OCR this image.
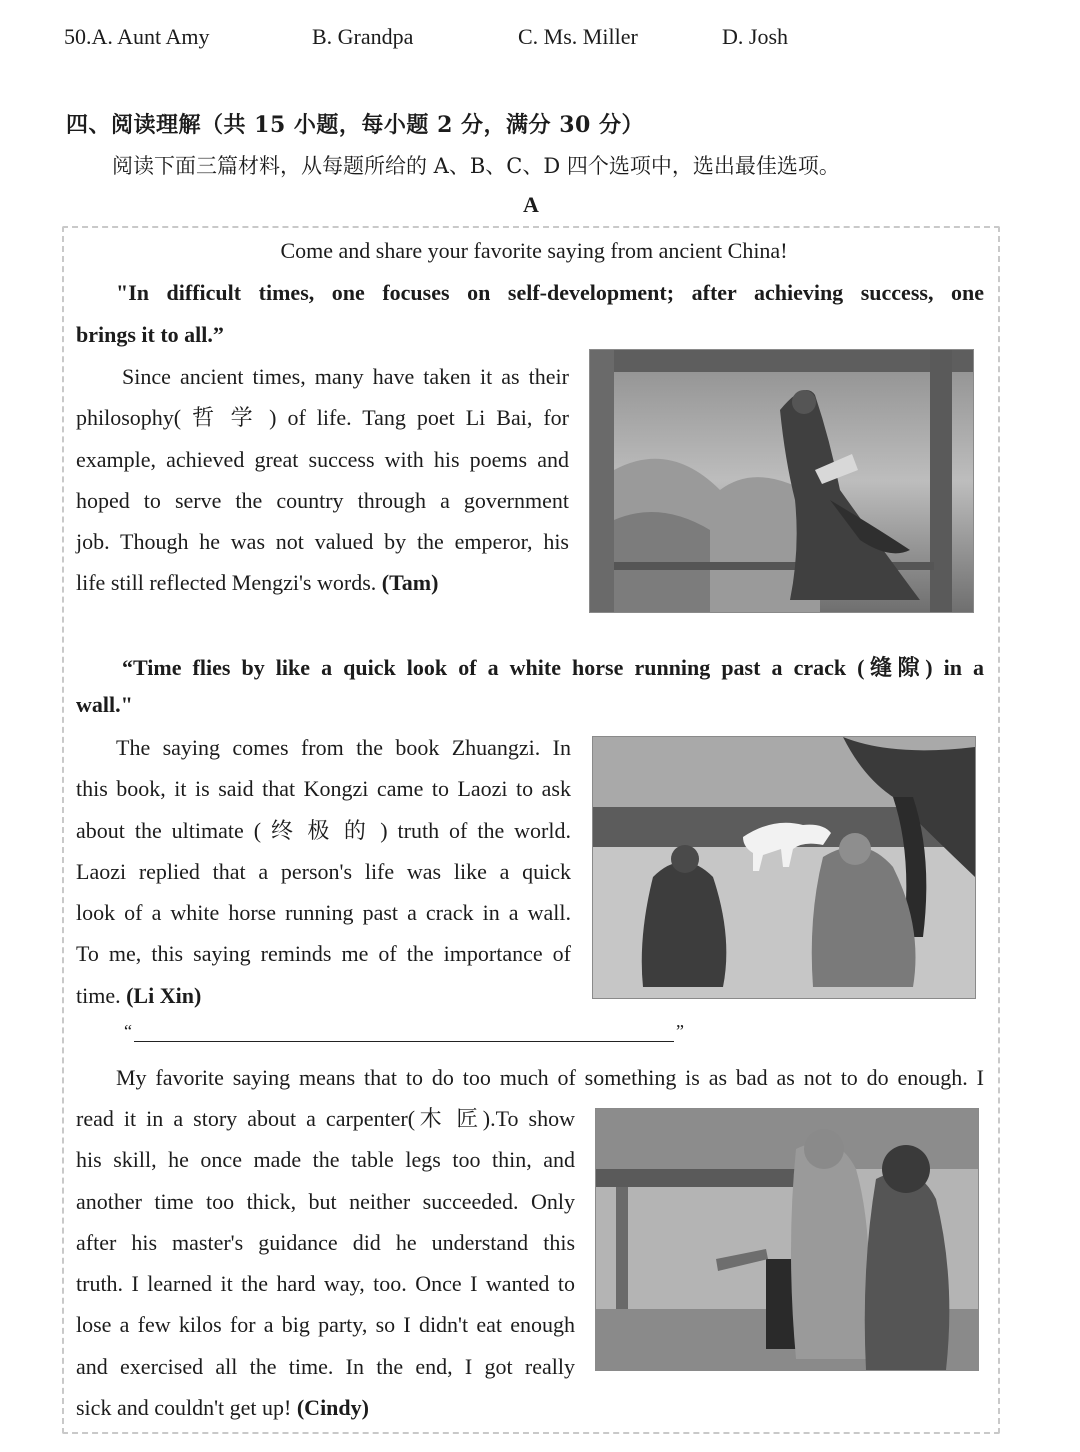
50.A. Aunt Amy	B. Grandpa	C. Ms. Miller	D. Josh
四、阅读理解（共 15 小题，每小题 2 分，满分 30 分）
阅读下面三篇材料，从每题所给的 A、B、C、D 四个选项中，选出最佳选项。
A
Come and share your favorite saying from ancient China!
"In difficult times, one focuses on self-development; after achieving success, one
brings it to all.”
Since ancient times, many have taken it as their
philosophy( 哲 学 ) of life. Tang poet Li Bai, for
example, achieved great success with his poems and
hoped to serve the country through a government
job. Though he was not valued by the emperor, his
life still reflected Mengzi's words. (Tam)
“Time flies by like a quick look of a white horse running past a crack (缝隙) in a
wall."
The saying comes from the book Zhuangzi. In
this book, it is said that Kongzi came to Laozi to ask
about the ultimate ( 终 极 的 ) truth of the world.
Laozi replied that a person's life was like a quick
look of a white horse running past a crack in a wall.
To me, this saying reminds me of the importance of
time. (Li Xin)
“	”
My favorite saying means that to do too much of something is as bad as not to do enough. I
read it in a story about a carpenter(木 匠).To show
his skill, he once made the table legs too thin, and
another time too thick, but neither succeeded. Only
after his master's guidance did he understand this
truth. I learned it the hard way, too. Once I wanted to
lose a few kilos for a big party, so I didn't eat enough
and exercised all the time. In the end, I got really
sick and couldn't get up! (Cindy)
